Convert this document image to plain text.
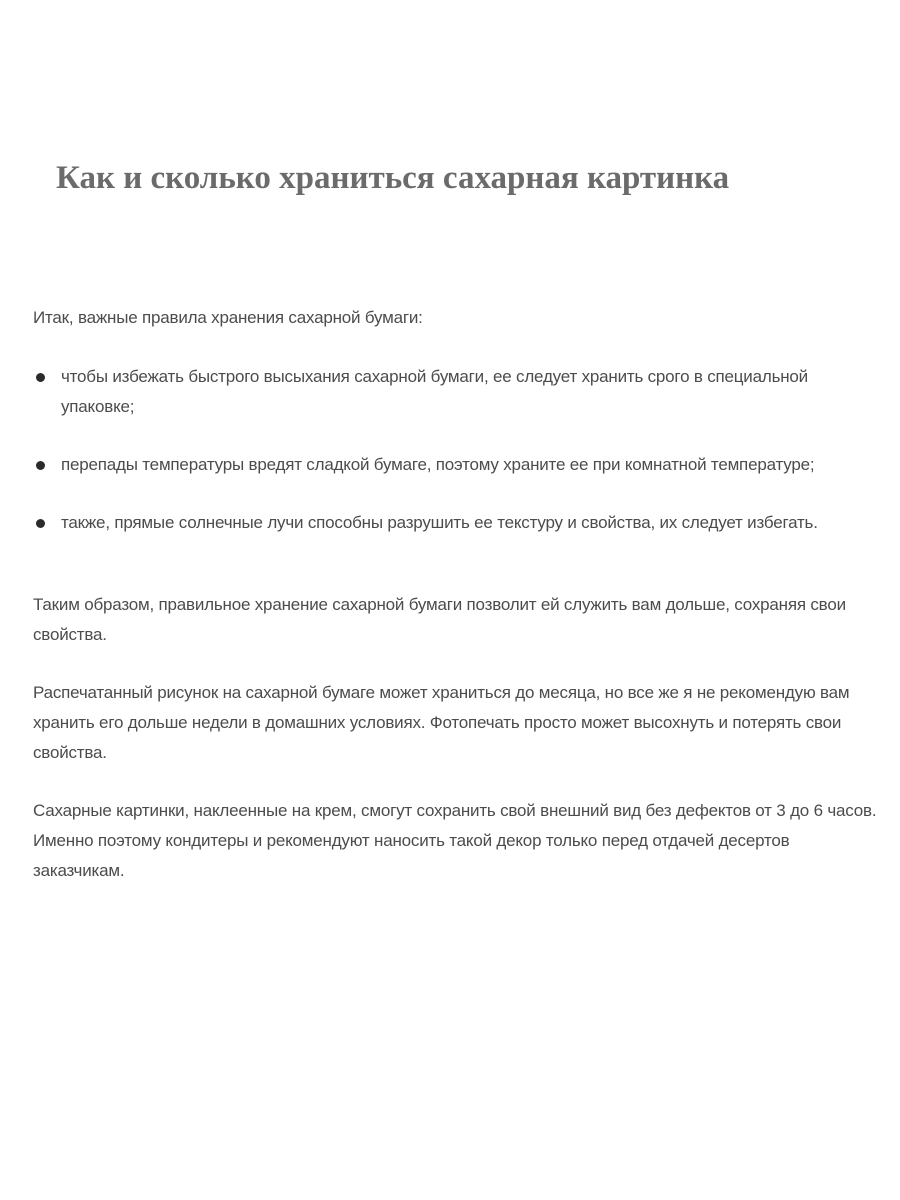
Как и сколько храниться сахарная картинка

Итак, важные правила хранения сахарной бумаги:

чтобы избежать быстрого высыхания сахарной бумаги, ее следует хранить срого в специальной упаковке;
перепады температуры вредят сладкой бумаге, поэтому храните ее при комнатной температуре;
также, прямые солнечные лучи способны разрушить ее текстуру и свойства, их следует избегать.

Таким образом, правильное хранение сахарной бумаги позволит ей служить вам дольше, сохраняя свои свойства.

Распечатанный рисунок на сахарной бумаге может храниться до месяца, но все же я не рекомендую вам хранить его дольше недели в домашних условиях. Фотопечать просто может высохнуть и потерять свои свойства.

Сахарные картинки, наклеенные на крем, смогут сохранить свой внешний вид без дефектов от 3 до 6 часов. Именно поэтому кондитеры и рекомендуют наносить такой декор только перед отдачей десертов заказчикам.
